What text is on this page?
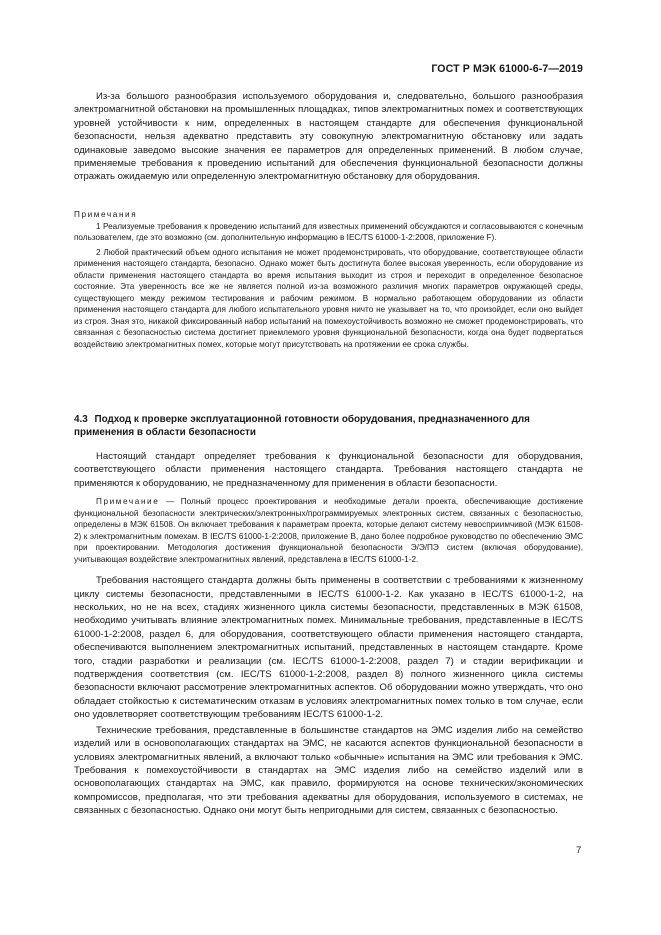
ГОСТ Р МЭК 61000-6-7—2019

Из-за большого разнообразия используемого оборудования и, следовательно, большого разнообразия электромагнитной обстановки на промышленных площадках, типов электромагнитных помех и соответствующих уровней устойчивости к ним, определенных в настоящем стандарте для обеспечения функциональной безопасности, нельзя адекватно представить эту совокупную электромагнитную обстановку или задать одинаковые заведомо высокие значения ее параметров для определенных применений. В любом случае, применяемые требования к проведению испытаний для обеспечения функциональной безопасности должны отражать ожидаемую или определенную электромагнитную обстановку для оборудования.

Примечания

1 Реализуемые требования к проведению испытаний для известных применений обсуждаются и согласовываются с конечным пользователем, где это возможно (см. дополнительную информацию в IEC/TS 61000-1-2:2008, приложение F).

2 Любой практический объем одного испытания не может продемонстрировать, что оборудование, соответствующее области применения настоящего стандарта, безопасно. Однако может быть достигнута более высокая уверенность, если оборудование из области применения настоящего стандарта во время испытания выходит из строя и переходит в определенное безопасное состояние. Эта уверенность все же не является полной из-за возможного различия многих параметров окружающей среды, существующего между режимом тестирования и рабочим режимом. В нормально работающем оборудовании из области применения настоящего стандарта для любого испытательного уровня ничто не указывает на то, что произойдет, если оно выйдет из строя. Зная это, никакой фиксированный набор испытаний на помехоустойчивость возможно не сможет продемонстрировать, что связанная с безопасностью система достигнет приемлемого уровня функциональной безопасности, когда она будет подвергаться воздействию электромагнитных помех, которые могут присутствовать на протяжении ее срока службы.

4.3 Подход к проверке эксплуатационной готовности оборудования, предназначенного для применения в области безопасности

Настоящий стандарт определяет требования к функциональной безопасности для оборудования, соответствующего области применения настоящего стандарта. Требования настоящего стандарта не применяются к оборудованию, не предназначенному для применения в области безопасности.

Примечание — Полный процесс проектирования и необходимые детали проекта, обеспечивающие достижение функциональной безопасности электрических/электронных/программируемых электронных систем, связанных с безопасностью, определены в МЭК 61508. Он включает требования к параметрам проекта, которые делают систему невосприимчивой (МЭК 61508-2) к электромагнитным помехам. В IEC/TS 61000-1-2:2008, приложение В, дано более подробное руководство по обеспечению ЭМС при проектировании. Методология достижения функциональной безопасности Э/Э/ПЭ систем (включая оборудование), учитывающая воздействие электромагнитных явлений, представлена в IEC/TS 61000-1-2.

Требования настоящего стандарта должны быть применены в соответствии с требованиями к жизненному циклу системы безопасности, представленными в IEC/TS 61000-1-2. Как указано в IEC/TS 61000-1-2, на нескольких, но не на всех, стадиях жизненного цикла системы безопасности, представленных в МЭК 61508, необходимо учитывать влияние электромагнитных помех. Минимальные требования, представленные в IEC/TS 61000-1-2:2008, раздел 6, для оборудования, соответствующего области применения настоящего стандарта, обеспечиваются выполнением электромагнитных испытаний, представленных в настоящем стандарте. Кроме того, стадии разработки и реализации (см. IEC/TS 61000-1-2:2008, раздел 7) и стадии верификации и подтверждения соответствия (см. IEC/TS 61000-1-2:2008, раздел 8) полного жизненного цикла системы безопасности включают рассмотрение электромагнитных аспектов. Об оборудовании можно утверждать, что оно обладает стойкостью к систематическим отказам в условиях электромагнитных помех только в том случае, если оно удовлетворяет соответствующим требованиям IEC/TS 61000-1-2.

Технические требования, представленные в большинстве стандартов на ЭМС изделия либо на семейство изделий или в основополагающих стандартах на ЭМС, не касаются аспектов функциональной безопасности в условиях электромагнитных явлений, а включают только «обычные» испытания на ЭМС или требования к ЭМС. Требования к помехоустойчивости в стандартах на ЭМС изделия либо на семейство изделий или в основополагающих стандартах на ЭМС, как правило, формируются на основе технических/экономических компромиссов, предполагая, что эти требования адекватны для оборудования, используемого в системах, не связанных с безопасностью. Однако они могут быть непригодными для систем, связанных с безопасностью.

7
